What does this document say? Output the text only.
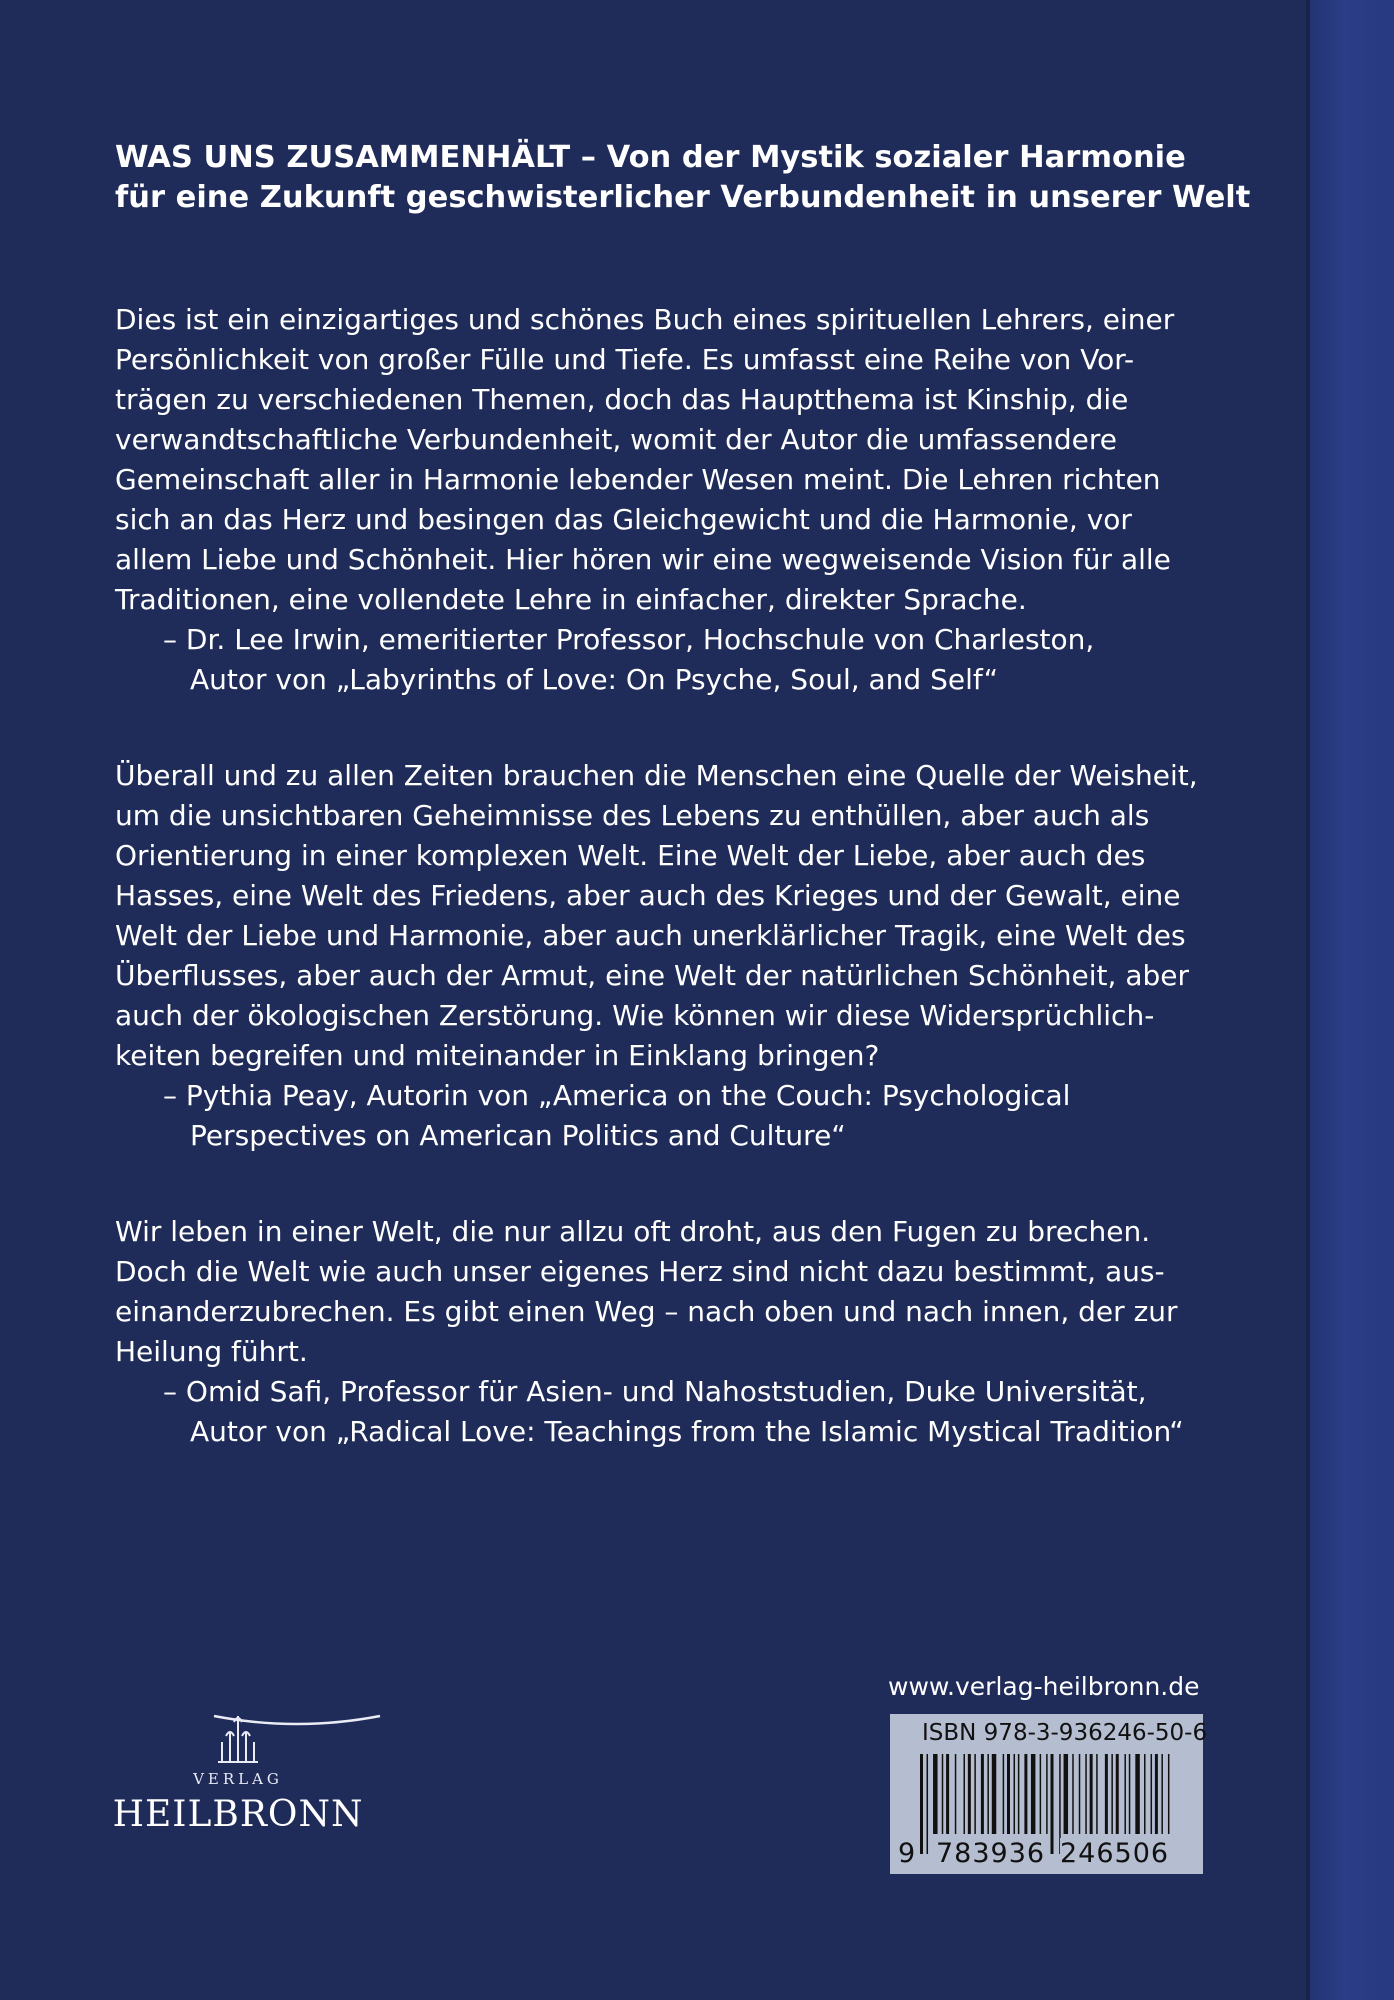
WAS UNS ZUSAMMENHÄLT – Von der Mystik sozialer Harmonie
für eine Zukunft geschwisterlicher Verbundenheit in unserer Welt

Dies ist ein einzigartiges und schönes Buch eines spirituellen Lehrers, einer
Persönlichkeit von großer Fülle und Tiefe. Es umfasst eine Reihe von Vor-
trägen zu verschiedenen Themen, doch das Hauptthema ist Kinship, die
verwandtschaftliche Verbundenheit, womit der Autor die umfassendere
Gemeinschaft aller in Harmonie lebender Wesen meint. Die Lehren richten
sich an das Herz und besingen das Gleichgewicht und die Harmonie, vor
allem Liebe und Schönheit. Hier hören wir eine wegweisende Vision für alle
Traditionen, eine vollendete Lehre in einfacher, direkter Sprache.

– Dr. Lee Irwin, emeritierter Professor, Hochschule von Charleston,
Autor von „Labyrinths of Love: On Psyche, Soul, and Self“

Überall und zu allen Zeiten brauchen die Menschen eine Quelle der Weisheit,
um die unsichtbaren Geheimnisse des Lebens zu enthüllen, aber auch als
Orientierung in einer komplexen Welt. Eine Welt der Liebe, aber auch des
Hasses, eine Welt des Friedens, aber auch des Krieges und der Gewalt, eine
Welt der Liebe und Harmonie, aber auch unerklärlicher Tragik, eine Welt des
Überflusses, aber auch der Armut, eine Welt der natürlichen Schönheit, aber
auch der ökologischen Zerstörung. Wie können wir diese Widersprüchlich-
keiten begreifen und miteinander in Einklang bringen?

– Pythia Peay, Autorin von „America on the Couch: Psychological
Perspectives on American Politics and Culture“

Wir leben in einer Welt, die nur allzu oft droht, aus den Fugen zu brechen.
Doch die Welt wie auch unser eigenes Herz sind nicht dazu bestimmt, aus-
einanderzubrechen. Es gibt einen Weg – nach oben und nach innen, der zur
Heilung führt.

– Omid Safi, Professor für Asien- und Nahoststudien, Duke Universität,
Autor von „Radical Love: Teachings from the Islamic Mystical Tradition“
VERLAG
HEILBRONN
www.verlag-heilbronn.de
ISBN 978-3-936246-50-6
9 783936 246506
